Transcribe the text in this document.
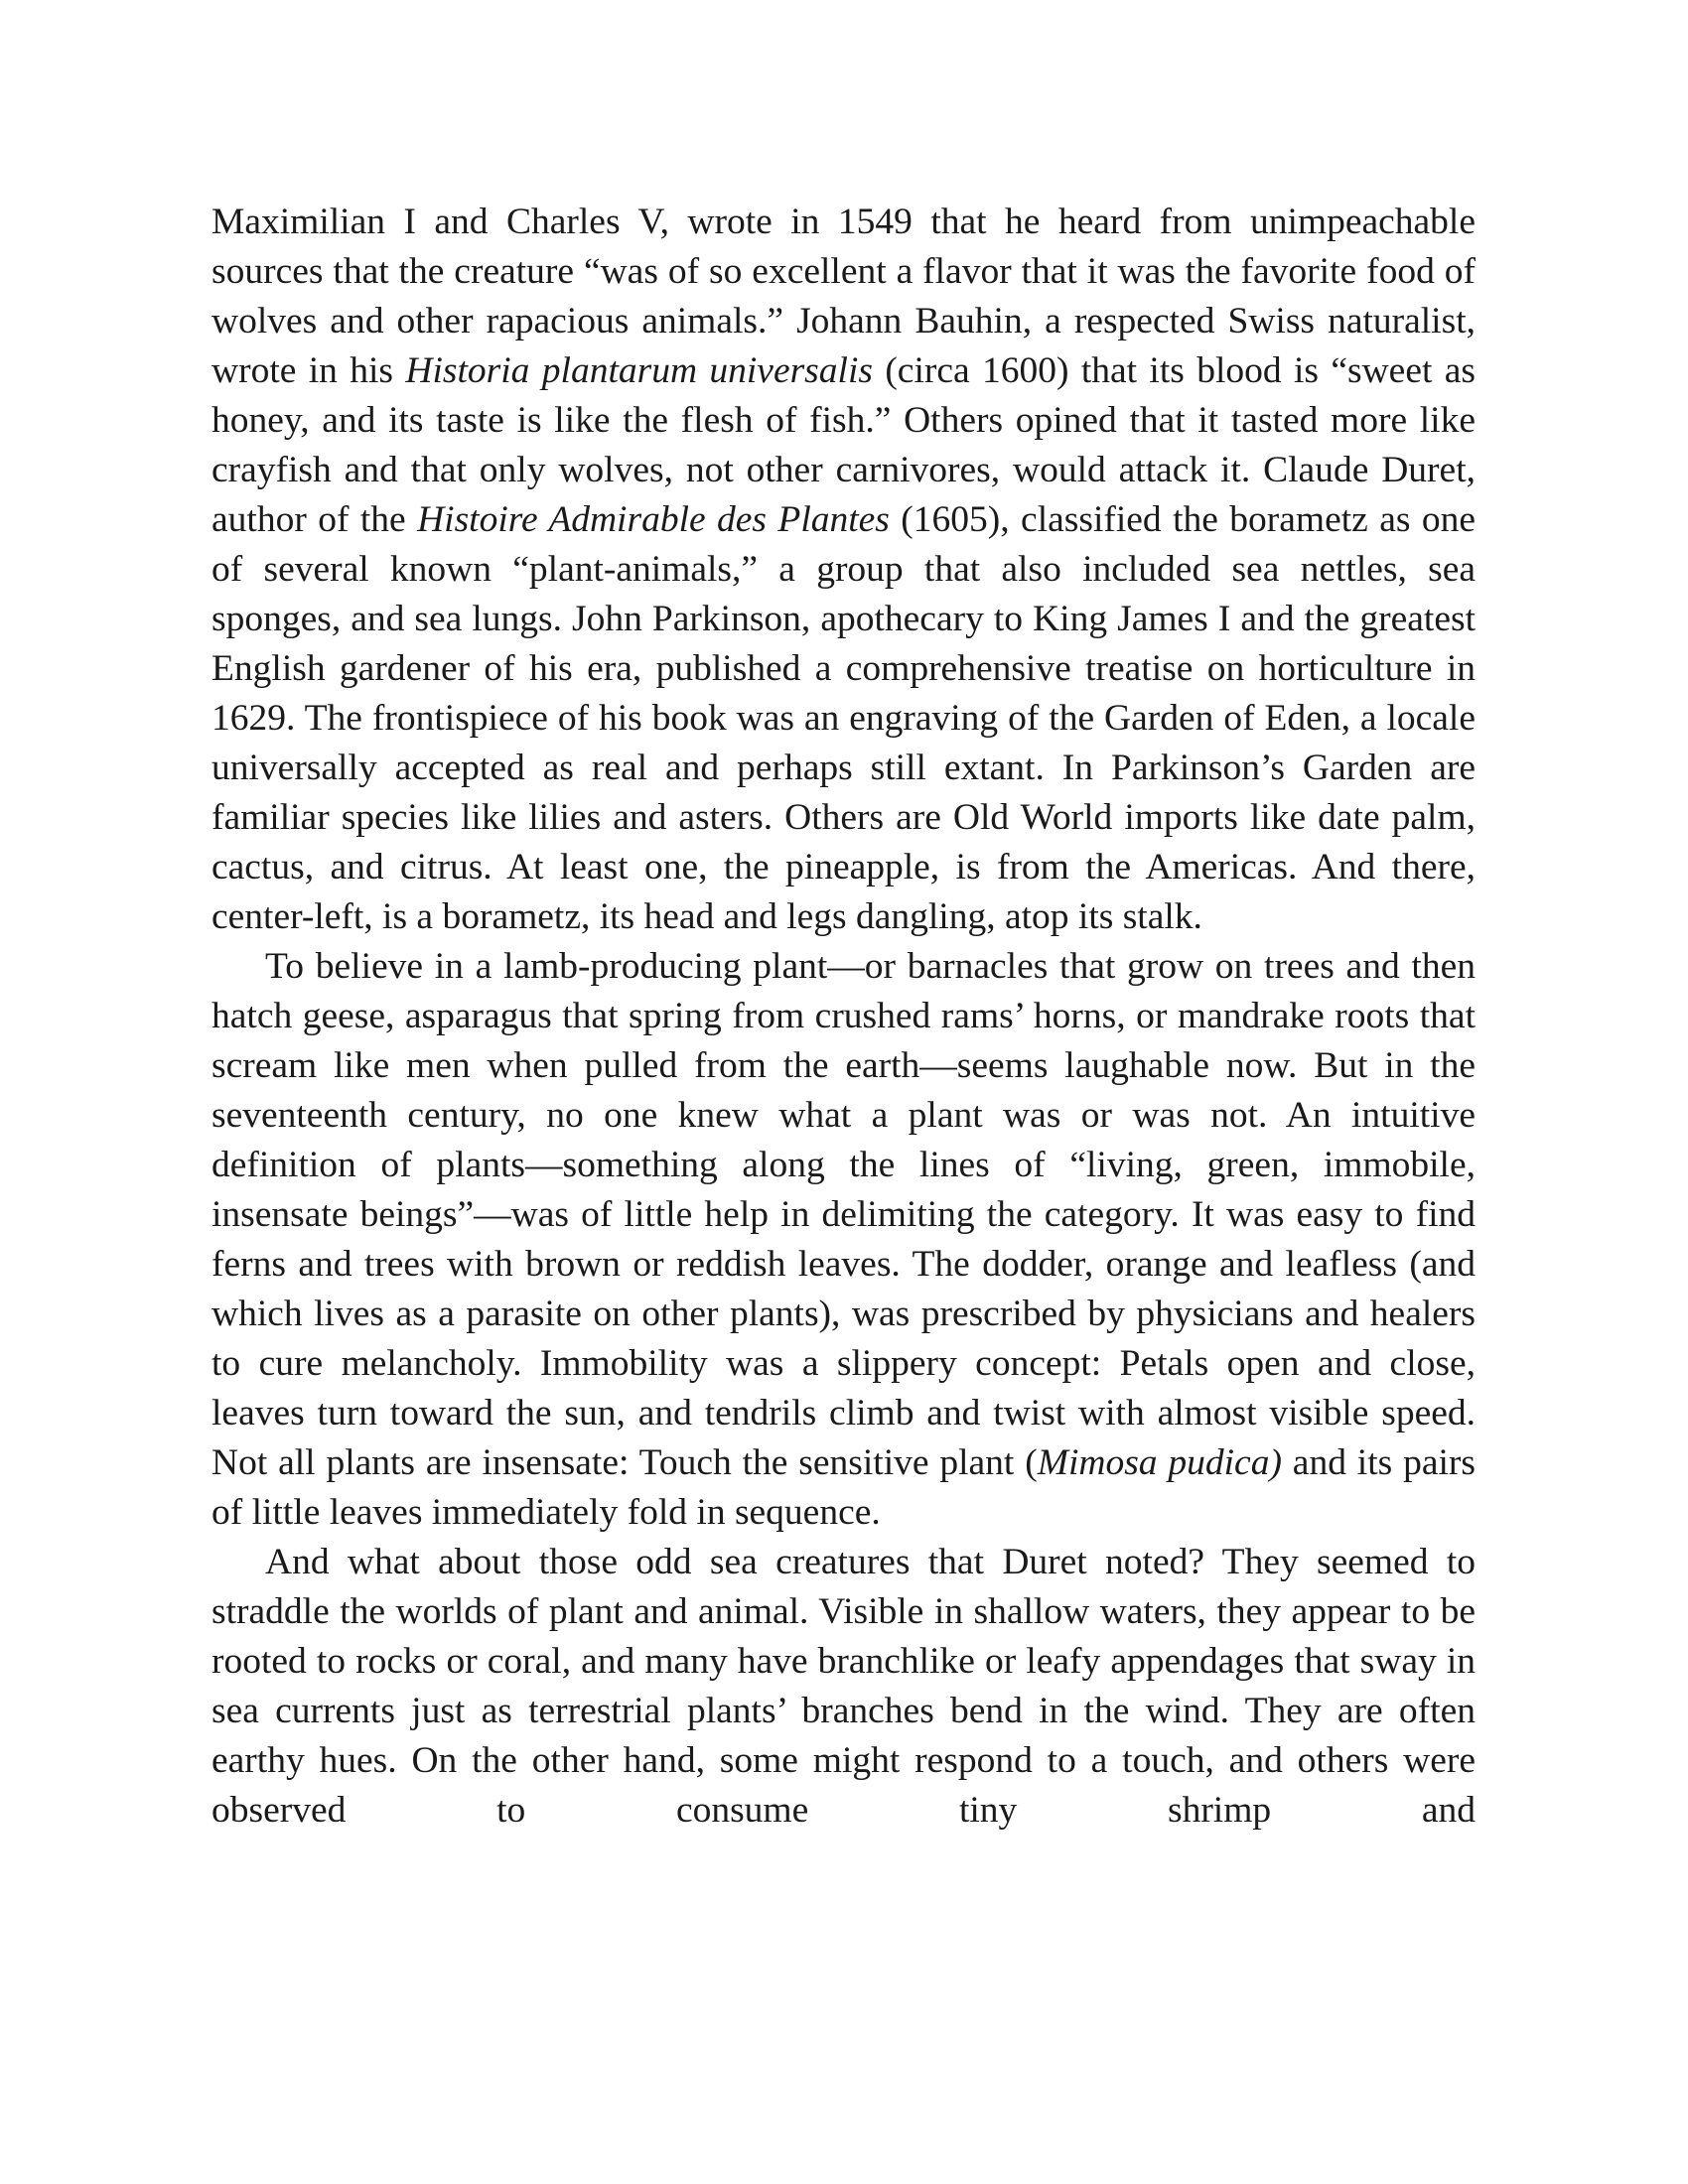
Maximilian I and Charles V, wrote in 1549 that he heard from unimpeachable sources that the creature “was of so excellent a flavor that it was the favorite food of wolves and other rapacious animals.” Johann Bauhin, a respected Swiss naturalist, wrote in his Historia plantarum universalis (circa 1600) that its blood is “sweet as honey, and its taste is like the flesh of fish.” Others opined that it tasted more like crayfish and that only wolves, not other carnivores, would attack it. Claude Duret, author of the Histoire Admirable des Plantes (1605), classified the borametz as one of several known “plant-animals,” a group that also included sea nettles, sea sponges, and sea lungs. John Parkinson, apothecary to King James I and the greatest English gardener of his era, published a comprehensive treatise on horticulture in 1629. The frontispiece of his book was an engraving of the Garden of Eden, a locale universally accepted as real and perhaps still extant. In Parkinson’s Garden are familiar species like lilies and asters. Others are Old World imports like date palm, cactus, and citrus. At least one, the pineapple, is from the Americas. And there, center-left, is a borametz, its head and legs dangling, atop its stalk.

To believe in a lamb-producing plant—or barnacles that grow on trees and then hatch geese, asparagus that spring from crushed rams’ horns, or mandrake roots that scream like men when pulled from the earth—seems laughable now. But in the seventeenth century, no one knew what a plant was or was not. An intuitive definition of plants—something along the lines of “living, green, immobile, insensate beings”—was of little help in delimiting the category. It was easy to find ferns and trees with brown or reddish leaves. The dodder, orange and leafless (and which lives as a parasite on other plants), was prescribed by physicians and healers to cure melancholy. Immobility was a slippery concept: Petals open and close, leaves turn toward the sun, and tendrils climb and twist with almost visible speed. Not all plants are insensate: Touch the sensitive plant (Mimosa pudica) and its pairs of little leaves immediately fold in sequence.

And what about those odd sea creatures that Duret noted? They seemed to straddle the worlds of plant and animal. Visible in shallow waters, they appear to be rooted to rocks or coral, and many have branchlike or leafy appendages that sway in sea currents just as terrestrial plants’ branches bend in the wind. They are often earthy hues. On the other hand, some might respond to a touch, and others were observed to consume tiny shrimp and
